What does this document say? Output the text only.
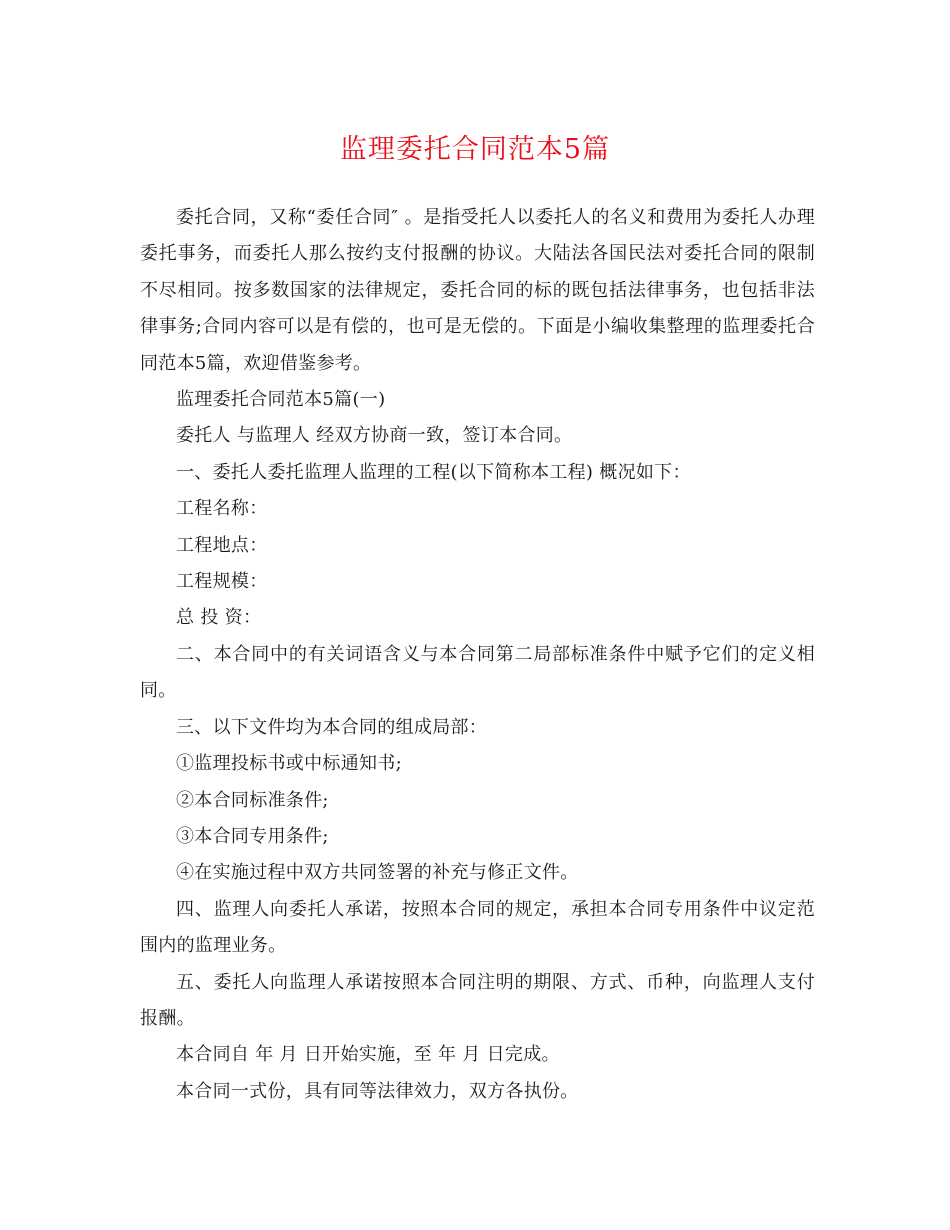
监理委托合同范本5篇

委托合同，又称“委任合同″ 。是指受托人以委托人的名义和费用为委托人办理委托事务，而委托人那么按约支付报酬的协议。大陆法各国民法对委托合同的限制不尽相同。按多数国家的法律规定，委托合同的标的既包括法律事务，也包括非法律事务;合同内容可以是有偿的，也可是无偿的。下面是小编收集整理的监理委托合同范本5篇，欢迎借鉴参考。

监理委托合同范本5篇(一)

委托人 与监理人 经双方协商一致，签订本合同。

一、委托人委托监理人监理的工程(以下简称本工程) 概况如下：

工程名称：

工程地点：

工程规模：

总 投 资：

二、本合同中的有关词语含义与本合同第二局部标准条件中赋予它们的定义相同。

三、以下文件均为本合同的组成局部：

①监理投标书或中标通知书;

②本合同标准条件;

③本合同专用条件;

④在实施过程中双方共同签署的补充与修正文件。

四、监理人向委托人承诺，按照本合同的规定，承担本合同专用条件中议定范围内的监理业务。

五、委托人向监理人承诺按照本合同注明的期限、方式、币种，向监理人支付报酬。

本合同自 年 月 日开始实施，至 年 月 日完成。

本合同一式份，具有同等法律效力，双方各执份。
